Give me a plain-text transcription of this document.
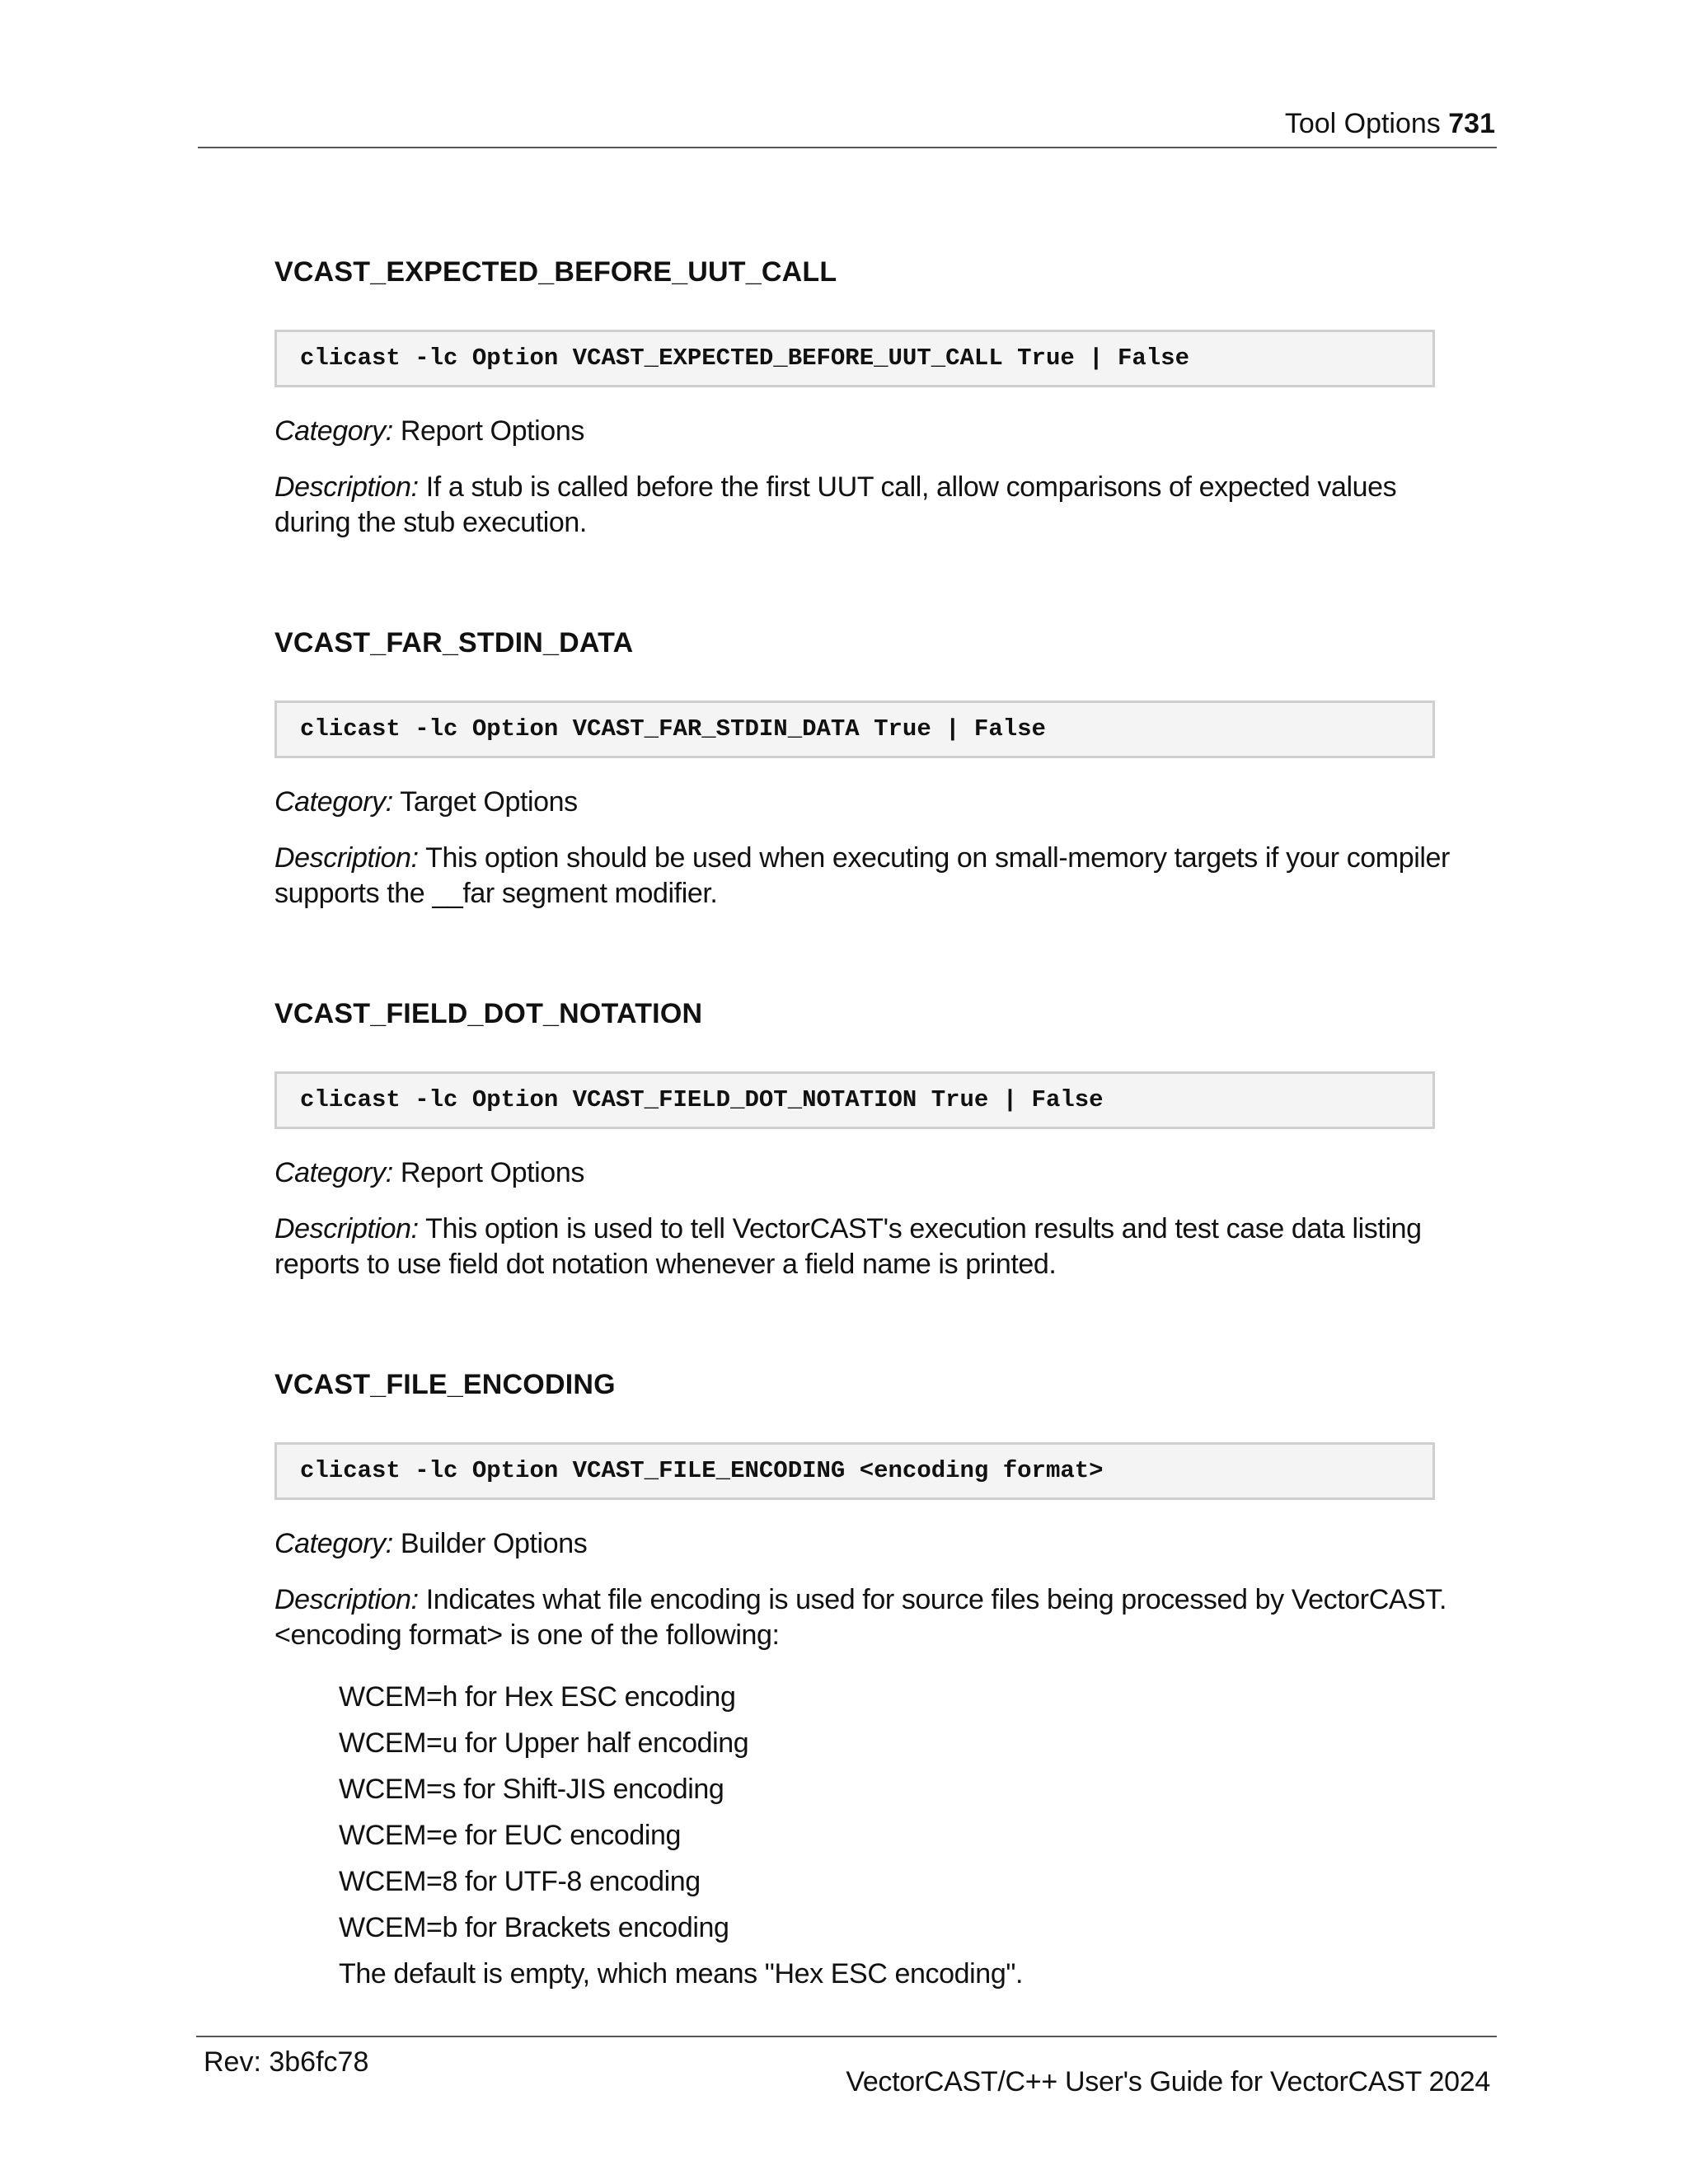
Tool Options 731
VCAST_EXPECTED_BEFORE_UUT_CALL
clicast -lc Option VCAST_EXPECTED_BEFORE_UUT_CALL True | False

Category: Report Options

Description: If a stub is called before the first UUT call, allow comparisons of expected values during the stub execution.

VCAST_FAR_STDIN_DATA
clicast -lc Option VCAST_FAR_STDIN_DATA True | False

Category: Target Options

Description: This option should be used when executing on small-memory targets if your compiler supports the __far segment modifier.

VCAST_FIELD_DOT_NOTATION
clicast -lc Option VCAST_FIELD_DOT_NOTATION True | False

Category: Report Options

Description: This option is used to tell VectorCAST's execution results and test case data listing reports to use field dot notation whenever a field name is printed.

VCAST_FILE_ENCODING
clicast -lc Option VCAST_FILE_ENCODING <encoding format>

Category: Builder Options

Description: Indicates what file encoding is used for source files being processed by VectorCAST. <encoding format> is one of the following:

WCEM=h for Hex ESC encoding
WCEM=u for Upper half encoding
WCEM=s for Shift-JIS encoding
WCEM=e for EUC encoding
WCEM=8 for UTF-8 encoding
WCEM=b for Brackets encoding
The default is empty, which means "Hex ESC encoding".
Rev: 3b6fc78
VectorCAST/C++ User's Guide for VectorCAST 2024
